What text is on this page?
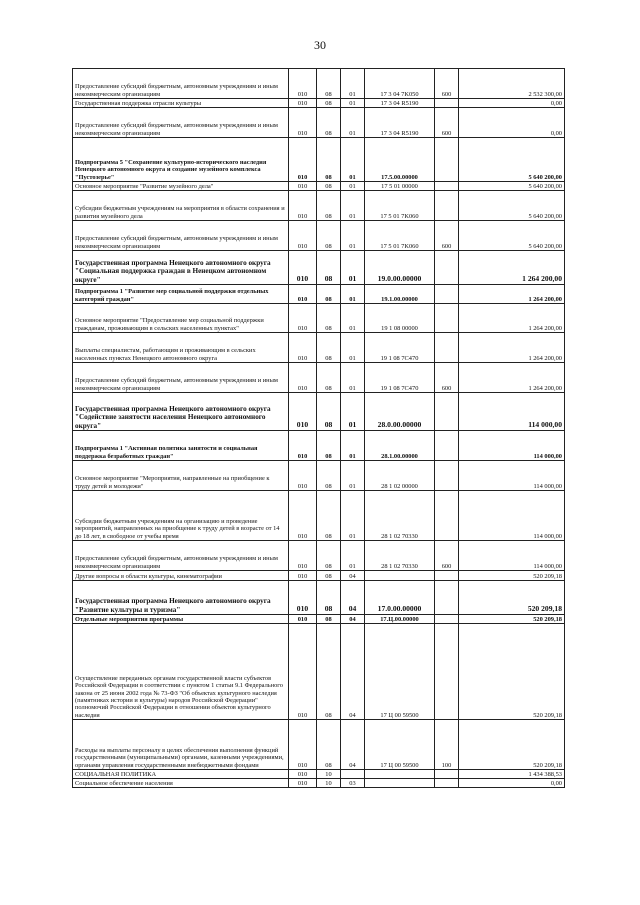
30
Предоставление субсидий бюджетным, автономным учреждениям и иным некоммерческим организациям	010	08	01	17 3 04 7K050	600	2 532 300,00
Государственная поддержка отрасли культуры	010	08	01	17 3 04 R5190		0,00
Предоставление субсидий бюджетным, автономным учреждениям и иным некоммерческим организациям	010	08	01	17 3 04 R5190	600	0,00
Подпрограмма 5 "Сохранение культурно-исторического наследия Ненецкого автономного округа и создание музейного комплекса "Пустозерье"	010	08	01	17.5.00.00000		5 640 200,00
Основное мероприятие "Развитие музейного дела"	010	08	01	17 5 01 00000		5 640 200,00
Субсидии бюджетным учреждениям на мероприятия в области сохранения и развития музейного дела	010	08	01	17 5 01 7K060		5 640 200,00
Предоставление субсидий бюджетным, автономным учреждениям и иным некоммерческим организациям	010	08	01	17 5 01 7K060	600	5 640 200,00
Государственная программа Ненецкого автономного округа "Социальная поддержка граждан в Ненецком автономном округе"	010	08	01	19.0.00.00000		1 264 200,00
Подпрограмма 1 "Развитие мер социальной поддержки отдельных категорий граждан"	010	08	01	19.1.00.00000		1 264 200,00
Основное мероприятие "Предоставление мер социальной поддержки гражданам, проживающим в сельских населенных пунктах"	010	08	01	19 1 08 00000		1 264 200,00
Выплаты специалистам, работающим и проживающим в сельских населенных пунктах Ненецкого автономного округа	010	08	01	19 1 08 7C470		1 264 200,00
Предоставление субсидий бюджетным, автономным учреждениям и иным некоммерческим организациям	010	08	01	19 1 08 7C470	600	1 264 200,00
Государственная программа Ненецкого автономного округа "Содействие занятости населения Ненецкого автономного округа"	010	08	01	28.0.00.00000		114 000,00
Подпрограмма 1 "Активная политика занятости и социальная поддержка безработных граждан"	010	08	01	28.1.00.00000		114 000,00
Основное мероприятие "Мероприятия, направленные на приобщение к труду детей и молодежи"	010	08	01	28 1 02 00000		114 000,00
Субсидии бюджетным учреждениям на организацию и проведение мероприятий, направленных на приобщение к труду детей в возрасте от 14 до 18 лет, в свободное от учебы время	010	08	01	28 1 02 70330		114 000,00
Предоставление субсидий бюджетным, автономным учреждениям и иным некоммерческим организациям	010	08	01	28 1 02 70330	600	114 000,00
Другие вопросы в области культуры, кинематографии	010	08	04			520 209,18
Государственная программа Ненецкого автономного округа "Развитие культуры и туризма"	010	08	04	17.0.00.00000		520 209,18
Отдельные мероприятия программы	010	08	04	17.Ц.00.00000		520 209,18
Осуществление переданных органам государственной власти субъектов Российской Федерации в соответствии с пунктом 1 статьи 9.1 Федерального закона от 25 июня 2002 года № 73-ФЗ "Об объектах культурного наследия (памятниках истории и культуры) народов Российской Федерации" полномочий Российской Федерации в отношении объектов культурного наследия	010	08	04	17 Ц 00 59500		520 209,18
Расходы на выплаты персоналу в целях обеспечения выполнения функций государственными (муниципальными) органами, казенными учреждениями, органами управления государственными внебюджетными фондами	010	08	04	17 Ц 00 59500	100	520 209,18
СОЦИАЛЬНАЯ ПОЛИТИКА	010	10				1 434 388,53
Социальное обеспечение населения	010	10	03			0,00
